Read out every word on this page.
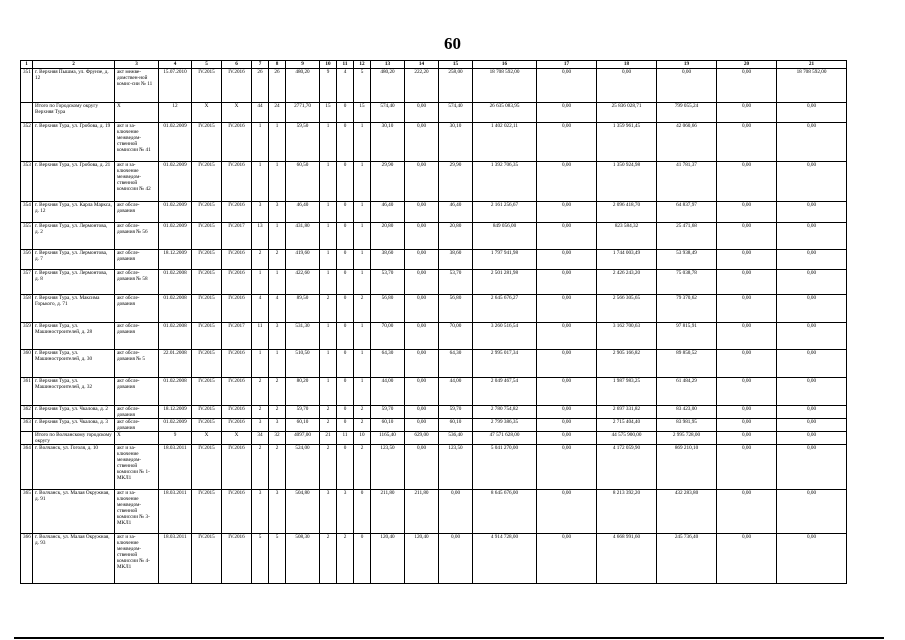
60
1	2	3	4	5	6	7	8	9	10	11	12	13	14	15	16	17	18	19	20	21
351	г. Верхняя Пышма, ул. Фрунзе, д. 12	акт межве-домствен-ной комис-сии № 11	15.07.2010	IV.2015	IV.2016	26	26	480,20	9	4	5	480,20	222,20	258,00	18 708 592,00	0,00	0,00	0,00	0,00	18 708 592,00
	Итого по Городскому округу Верхняя Тура	Х	12	Х	Х	44	24	2771,70	15	0	15	574,40	0,00	574,40	26 635 083,95	0,00	25 836 028,71	799 055,24	0,00	0,00
352	г. Верхняя Тура, ул. Гробова, д. 19	акт и за-ключение межведом-ственной комиссии № 41	01.02.2009	IV.2015	IV.2016	1	1	59,50	1	0	1	30,10	0,00	30,10	1 402 022,11	0,00	1 359 961,45	42 060,66	0,00	0,00
353	г. Верхняя Тура, ул. Гробова, д. 21	акт и за-ключение межведом-ственной комиссии № 42	01.02.2009	IV.2015	IV.2016	1	1	60,50	1	0	1	29,90	0,00	29,90	1 392 706,35	0,00	1 350 924,98	41 781,37	0,00	0,00
354	г. Верхняя Тура, ул. Карла Маркса, д. 12	акт обсле-дования	01.02.2009	IV.2015	IV.2016	3	3	46,40	1	0	1	46,40	0,00	46,40	2 161 256,67	0,00	2 096 418,70	64 837,97	0,00	0,00
355	г. Верхняя Тура, ул. Лермонтова, д. 2	акт обсле-дования № 56	01.02.2009	IV.2015	IV.2017	13	1	431,80	1	0	1	20,80	0,00	20,80	849 056,00	0,00	823 584,32	25 471,68	0,00	0,00
356	г. Верхняя Тура, ул. Лермонтова, д. 7	акт обсле-дования	18.12.2009	IV.2015	IV.2016	2	2	419,60	1	0	1	38,60	0,00	38,60	1 797 941,98	0,00	1 744 003,49	53 938,49	0,00	0,00
357	г. Верхняя Тура, ул. Лермонтова, д. 8	акт обсле-дования № 58	01.02.2008	IV.2015	IV.2016	1	1	422,60	1	0	1	53,70	0,00	53,70	2 501 281,98	0,00	2 426 243,20	75 038,78	0,00	0,00
358	г. Верхняя Тура, ул. Максима Горького, д. 71	акт обсле-дования	01.02.2008	IV.2015	IV.2016	4	4	89,50	2	0	2	56,80	0,00	56,80	2 645 676,27	0,00	2 566 305,65	79 370,62	0,00	0,00
359	г. Верхняя Тура, ул. Машиностроителей, д. 28	акт обсле-дования	01.02.2008	IV.2015	IV.2017	11	3	531,30	1	0	1	70,00	0,00	70,00	3 260 516,54	0,00	3 162 700,63	97 815,91	0,00	0,00
360	г. Верхняя Тура, ул. Машиностроителей, д. 30	акт обсле-дования № 5	22.01.2008	IV.2015	IV.2016	1	1	510,50	1	0	1	64,30	0,00	64,30	2 995 017,34	0,00	2 905 166,82	89 850,52	0,00	0,00
361	г. Верхняя Тура, ул. Машиностроителей, д. 32	акт обсле-дования	01.02.2008	IV.2015	IV.2016	2	2	80,20	1	0	1	44,00	0,00	44,00	2 049 467,54	0,00	1 987 983,25	61 484,29	0,00	0,00
362	г. Верхняя Тура, ул. Чкалова, д. 2	акт обсле-дования	18.12.2009	IV.2015	IV.2016	2	2	59,70	2	0	2	59,70	0,00	59,70	2 780 754,82	0,00	2 697 331,82	83 423,00	0,00	0,00
363	г. Верхняя Тура, ул. Чкалова, д. 3	акт обсле-дования	01.02.2009	IV.2015	IV.2016	3	3	60,10	2	0	2	60,10	0,00	60,10	2 799 386,35	0,00	2 715 404,40	83 981,95	0,00	0,00
	Итого по Волчанскому городскому округу	Х	9	Х	Х	34	32	4097,00	21	11	10	1165,40	629,00	536,40	47 571 628,00	0,00	44 575 900,00	2 995 728,00	0,00	0,00
364	г. Волчанск, ул. Гоголя, д. 10	акт и за-ключение межведом-ственной комиссии № 1-МКЛ1	18.03.2011	IV.2015	IV.2016	2	2	524,00	2	0	2	123,50	0,00	123,50	5 041 270,00	0,00	4 172 059,90	869 210,10	0,00	0,00
365	г. Волчанск, ул. Малая Окружная, д. 91	акт и за-ключение межведом-ственной комиссии № 3-МКЛ1	18.03.2011	IV.2015	IV.2016	3	3	504,80	3	3	0	211,80	211,80	0,00	8 645 676,00	0,00	8 213 392,20	432 283,80	0,00	0,00
366	г. Волчанск, ул. Малая Окружная, д. 93	акт и за-ключение межведом-ственной комиссии № 4-МКЛ1	18.03.2011	IV.2015	IV.2016	5	5	508,30	2	2	0	120,40	120,40	0,00	4 914 728,00	0,00	4 668 991,60	245 736,40	0,00	0,00
